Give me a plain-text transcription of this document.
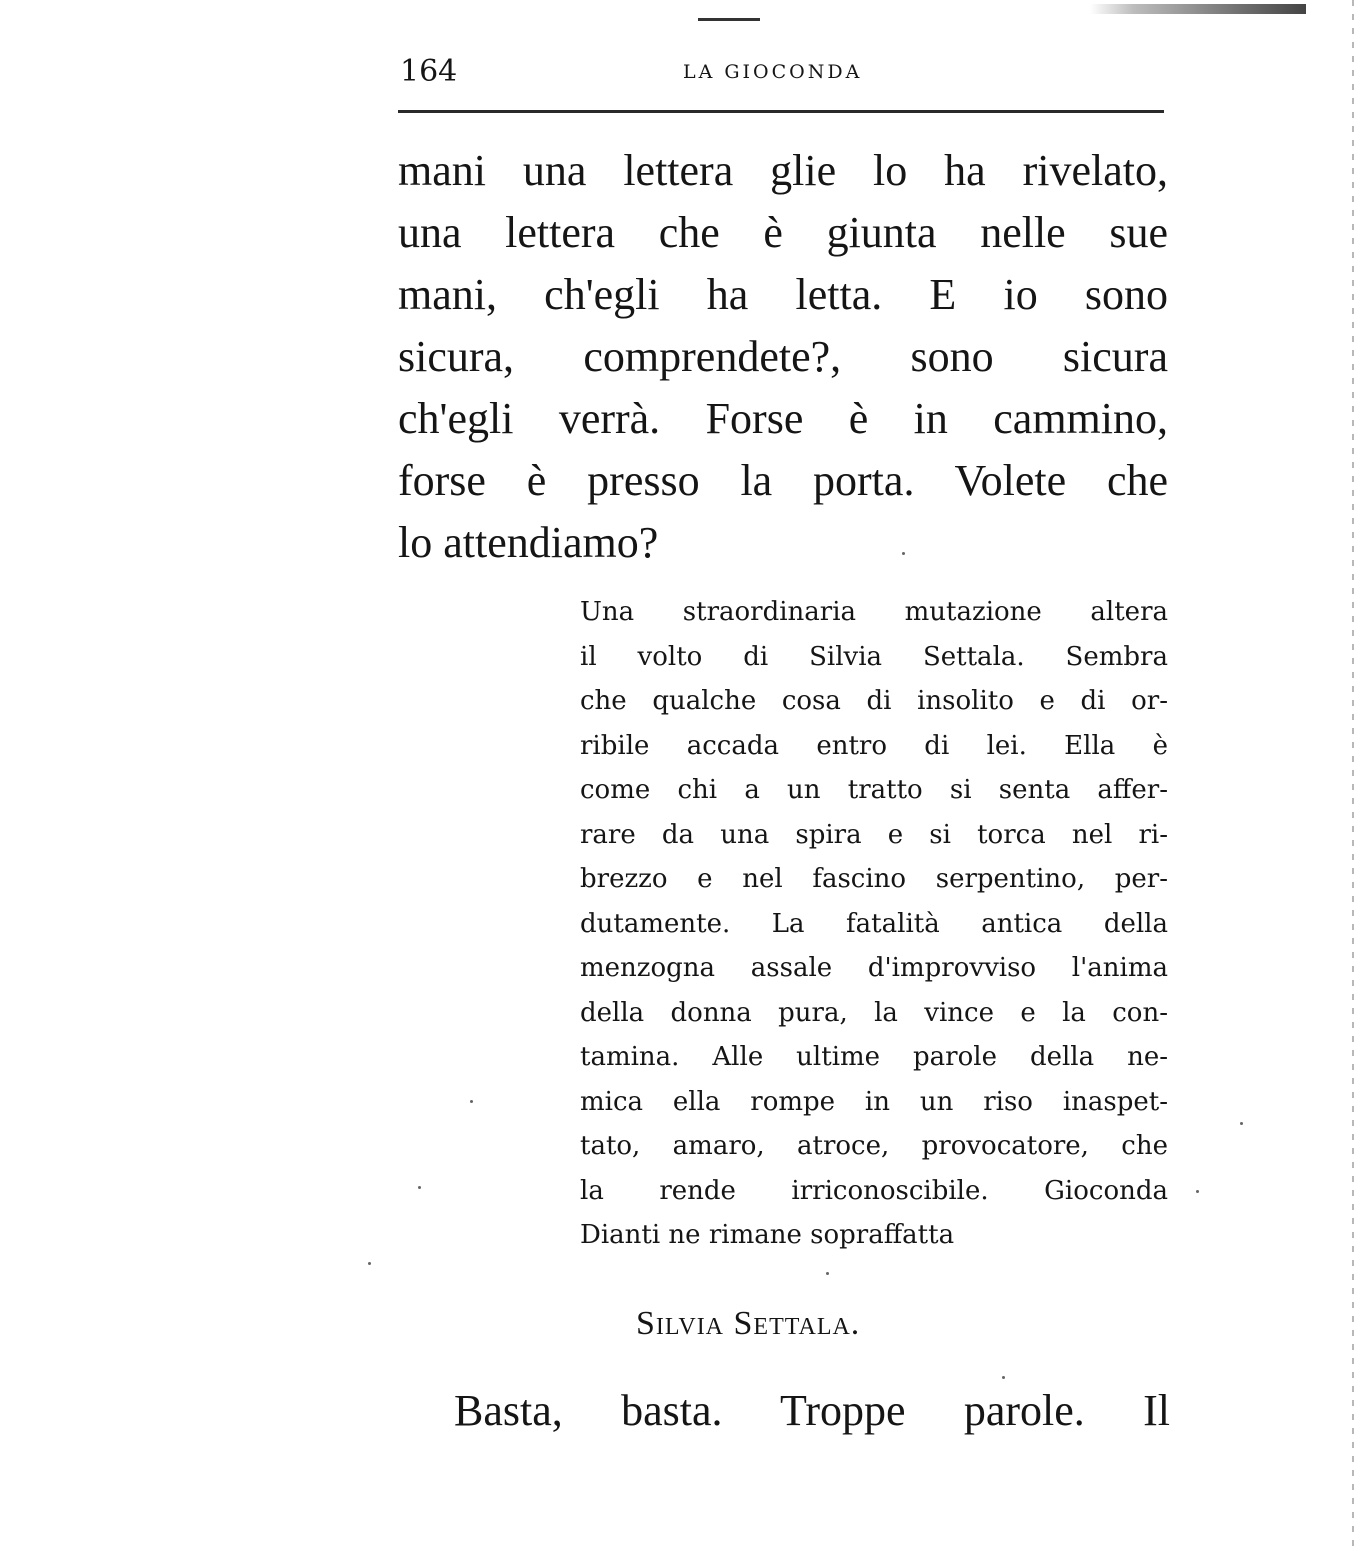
164	LA GIOCONDA
mani una lettera glie lo ha rivelato,
una lettera che è giunta nelle sue
mani, ch'egli ha letta. E io sono
sicura, comprendete?, sono sicura
ch'egli verrà. Forse è in cammino,
forse è presso la porta. Volete che
lo attendiamo?
Una straordinaria mutazione altera
il volto di Silvia Settala. Sembra
che qualche cosa di insolito e di or-
ribile accada entro di lei. Ella è
come chi a un tratto si senta affer-
rare da una spira e si torca nel ri-
brezzo e nel fascino serpentino, per-
dutamente. La fatalità antica della
menzogna assale d'improvviso l'anima
della donna pura, la vince e la con-
tamina. Alle ultime parole della ne-
mica ella rompe in un riso inaspet-
tato, amaro, atroce, provocatore, che
la rende irriconoscibile. Gioconda
Dianti ne rimane sopraffatta
Silvia Settala.
Basta, basta. Troppe parole. Il
